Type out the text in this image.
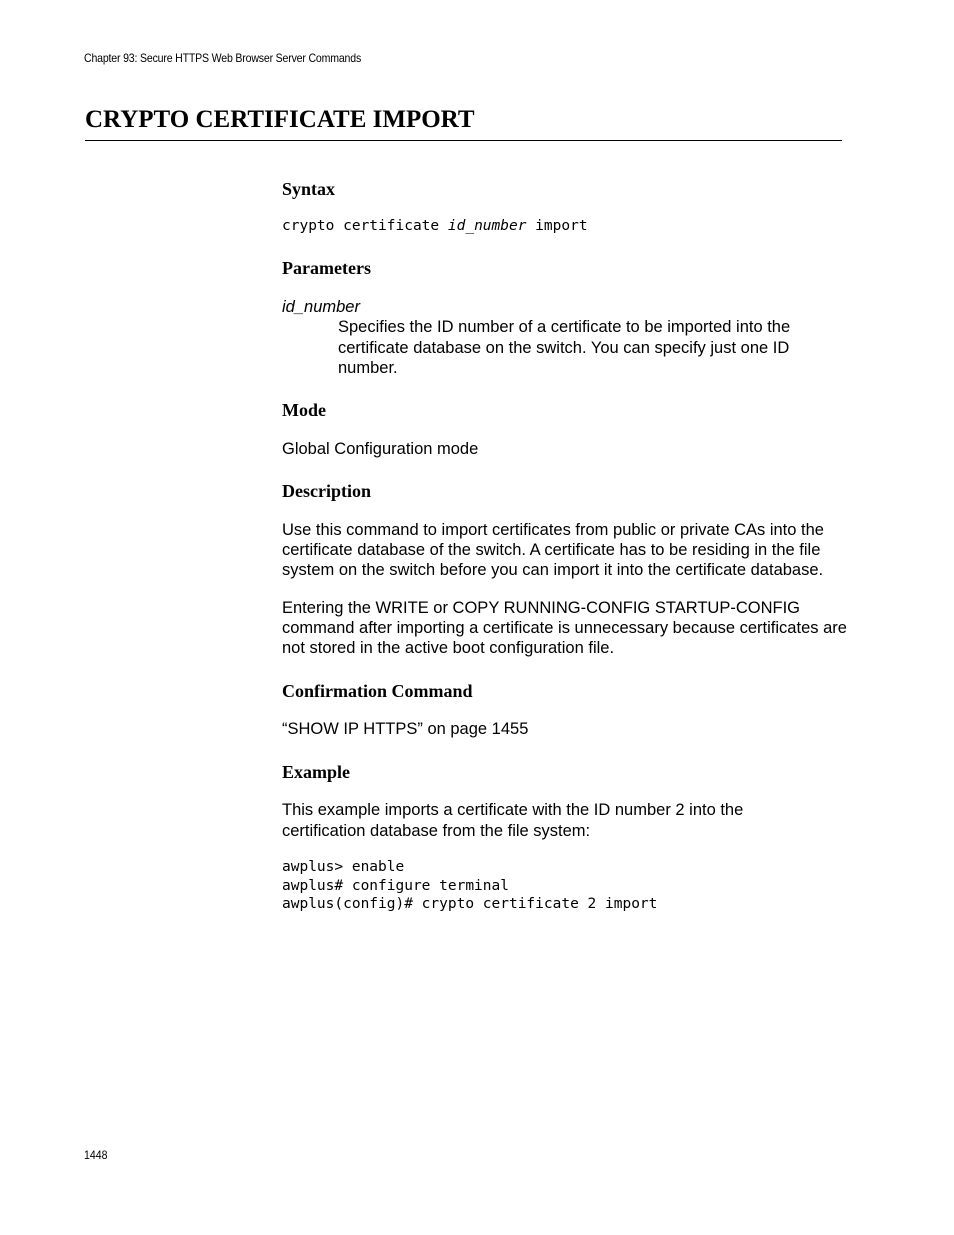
Chapter 93: Secure HTTPS Web Browser Server Commands
CRYPTO CERTIFICATE IMPORT
Syntax
crypto certificate id_number import
Parameters
id_number

Specifies the ID number of a certificate to be imported into the certificate database on the switch. You can specify just one ID number.

Mode

Global Configuration mode

Description

Use this command to import certificates from public or private CAs into the certificate database of the switch. A certificate has to be residing in the file system on the switch before you can import it into the certificate database.

Entering the WRITE or COPY RUNNING-CONFIG STARTUP-CONFIG command after importing a certificate is unnecessary because certificates are not stored in the active boot configuration file.

Confirmation Command

“SHOW IP HTTPS” on page 1455

Example

This example imports a certificate with the ID number 2 into the certification database from the file system:

awplus> enable
awplus# configure terminal
awplus(config)# crypto certificate 2 import
1448
